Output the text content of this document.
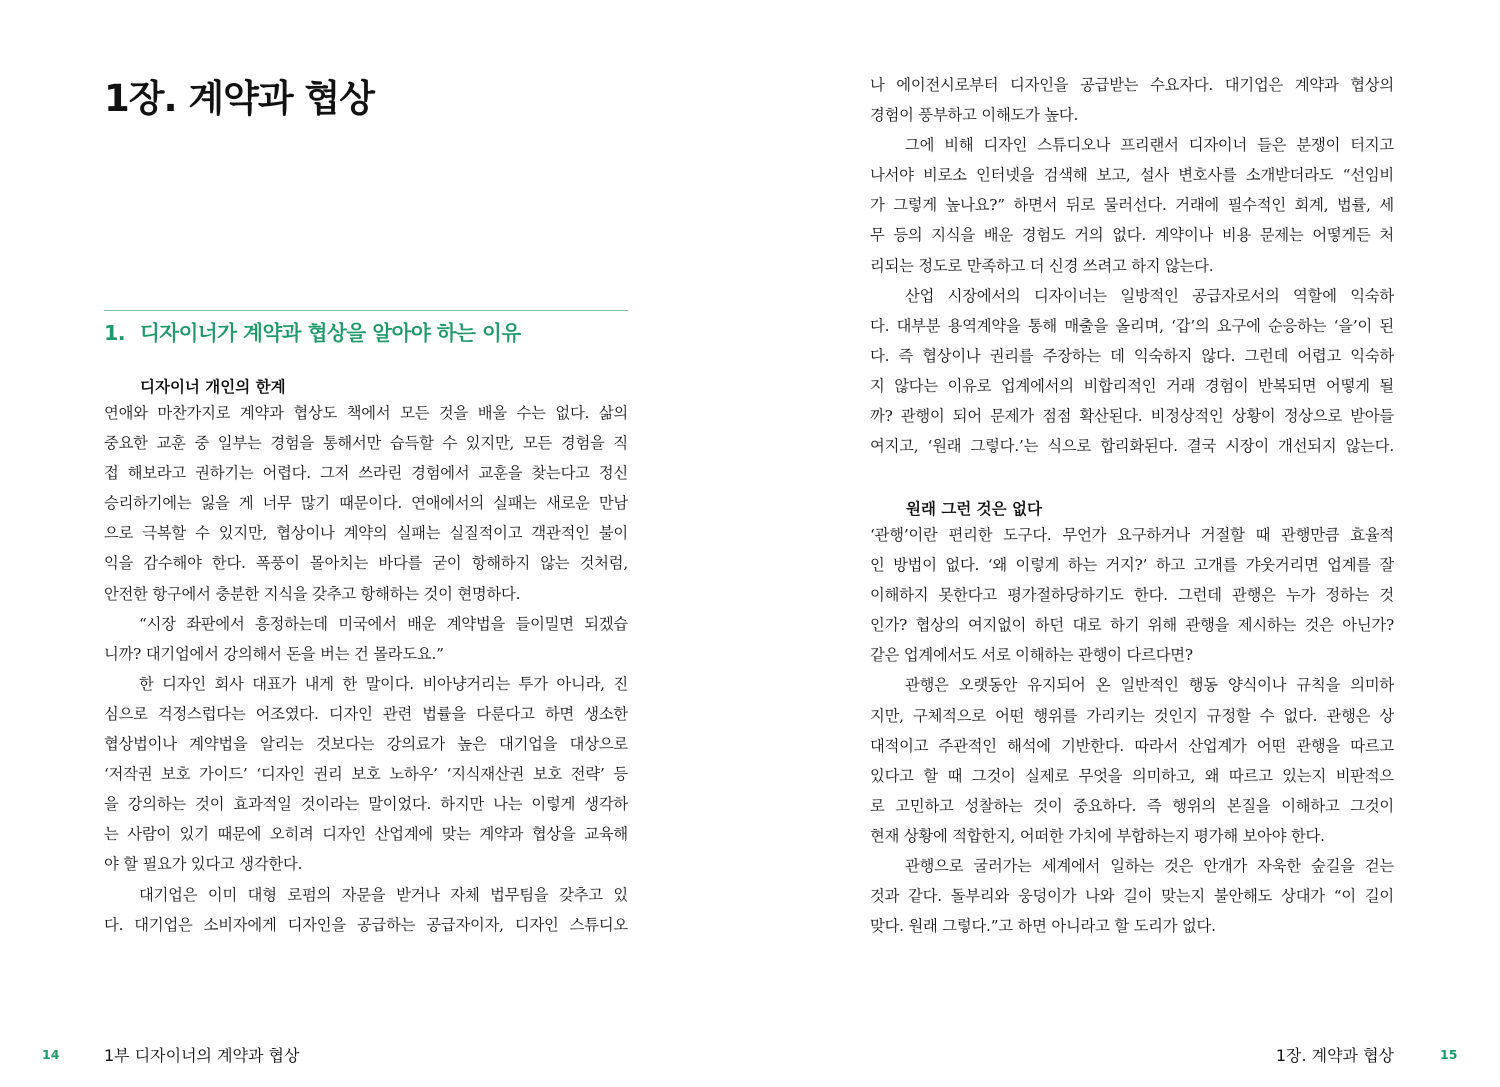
1장. 계약과 협상
1. 디자이너가 계약과 협상을 알아야 하는 이유
디자이너 개인의 한계
연애와 마찬가지로 계약과 협상도 책에서 모든 것을 배울 수는 없다. 삶의
중요한 교훈 중 일부는 경험을 통해서만 습득할 수 있지만, 모든 경험을 직
접 해보라고 권하기는 어렵다. 그저 쓰라린 경험에서 교훈을 찾는다고 정신
승리하기에는 잃을 게 너무 많기 때문이다. 연애에서의 실패는 새로운 만남
으로 극복할 수 있지만, 협상이나 계약의 실패는 실질적이고 객관적인 불이
익을 감수해야 한다. 폭풍이 몰아치는 바다를 굳이 항해하지 않는 것처럼,
안전한 항구에서 충분한 지식을 갖추고 항해하는 것이 현명하다.
“시장 좌판에서 흥정하는데 미국에서 배운 계약법을 들이밀면 되겠습
니까? 대기업에서 강의해서 돈을 버는 건 몰라도요.”
한 디자인 회사 대표가 내게 한 말이다. 비아냥거리는 투가 아니라, 진
심으로 걱정스럽다는 어조였다. 디자인 관련 법률을 다룬다고 하면 생소한
협상법이나 계약법을 알리는 것보다는 강의료가 높은 대기업을 대상으로
‘저작권 보호 가이드’ ‘디자인 권리 보호 노하우’ ‘지식재산권 보호 전략’ 등
을 강의하는 것이 효과적일 것이라는 말이었다. 하지만 나는 이렇게 생각하
는 사람이 있기 때문에 오히려 디자인 산업계에 맞는 계약과 협상을 교육해
야 할 필요가 있다고 생각한다.
대기업은 이미 대형 로펌의 자문을 받거나 자체 법무팀을 갖추고 있
다. 대기업은 소비자에게 디자인을 공급하는 공급자이자, 디자인 스튜디오
14	1부 디자이너의 계약과 협상
나 에이전시로부터 디자인을 공급받는 수요자다. 대기업은 계약과 협상의
경험이 풍부하고 이해도가 높다.
그에 비해 디자인 스튜디오나 프리랜서 디자이너 들은 분쟁이 터지고
나서야 비로소 인터넷을 검색해 보고, 설사 변호사를 소개받더라도 “선임비
가 그렇게 높나요?” 하면서 뒤로 물러선다. 거래에 필수적인 회계, 법률, 세
무 등의 지식을 배운 경험도 거의 없다. 계약이나 비용 문제는 어떻게든 처
리되는 정도로 만족하고 더 신경 쓰려고 하지 않는다.
산업 시장에서의 디자이너는 일방적인 공급자로서의 역할에 익숙하
다. 대부분 용역계약을 통해 매출을 올리며, ‘갑’의 요구에 순응하는 ‘을’이 된
다. 즉 협상이나 권리를 주장하는 데 익숙하지 않다. 그런데 어렵고 익숙하
지 않다는 이유로 업계에서의 비합리적인 거래 경험이 반복되면 어떻게 될
까? 관행이 되어 문제가 점점 확산된다. 비정상적인 상황이 정상으로 받아들
여지고, ‘원래 그렇다.’는 식으로 합리화된다. 결국 시장이 개선되지 않는다.
원래 그런 것은 없다
‘관행’이란 편리한 도구다. 무언가 요구하거나 거절할 때 관행만큼 효율적
인 방법이 없다. ‘왜 이렇게 하는 거지?’ 하고 고개를 갸웃거리면 업계를 잘
이해하지 못한다고 평가절하당하기도 한다. 그런데 관행은 누가 정하는 것
인가? 협상의 여지없이 하던 대로 하기 위해 관행을 제시하는 것은 아닌가?
같은 업계에서도 서로 이해하는 관행이 다르다면?
관행은 오랫동안 유지되어 온 일반적인 행동 양식이나 규칙을 의미하
지만, 구체적으로 어떤 행위를 가리키는 것인지 규정할 수 없다. 관행은 상
대적이고 주관적인 해석에 기반한다. 따라서 산업계가 어떤 관행을 따르고
있다고 할 때 그것이 실제로 무엇을 의미하고, 왜 따르고 있는지 비판적으
로 고민하고 성찰하는 것이 중요하다. 즉 행위의 본질을 이해하고 그것이
현재 상황에 적합한지, 어떠한 가치에 부합하는지 평가해 보아야 한다.
관행으로 굴러가는 세계에서 일하는 것은 안개가 자욱한 숲길을 걷는
것과 같다. 돌부리와 웅덩이가 나와 길이 맞는지 불안해도 상대가 “이 길이
맞다. 원래 그렇다.”고 하면 아니라고 할 도리가 없다.
1장. 계약과 협상	15
